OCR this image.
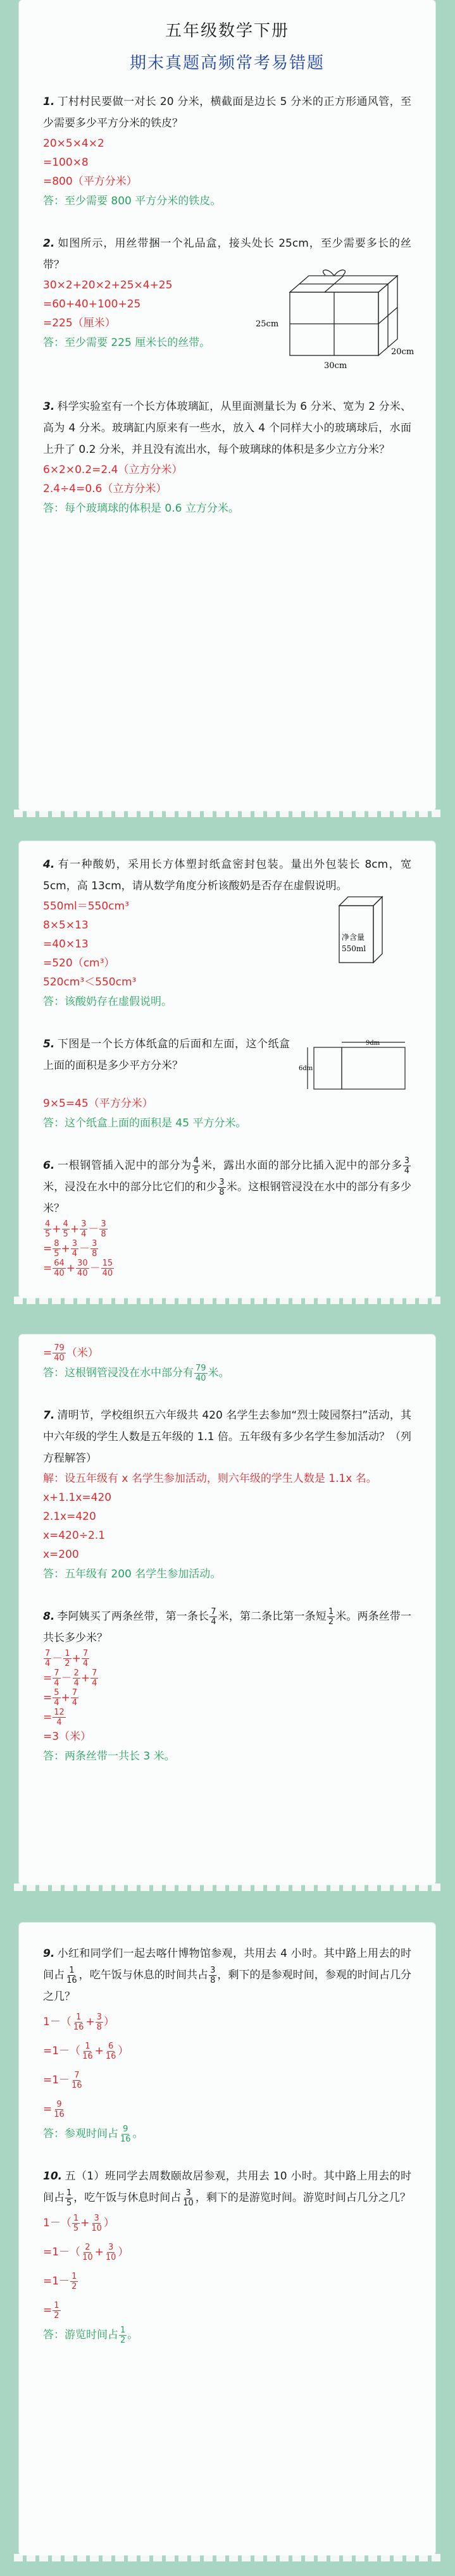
五年级数学下册
期末真题高频常考易错题
1. 丁村村民要做一对长 20 分米，横截面是边长 5 分米的正方形通风管，至少需要多少平方分米的铁皮？
20×5×4×2
=100×8
=800（平方分米）
答：至少需要 800 平方分米的铁皮。
2. 如图所示，用丝带捆一个礼品盒，接头处长 25cm，至少需要多长的丝带？
30×2+20×2+25×4+25
=60+40+100+25
=225（厘米）
答：至少需要 225 厘米长的丝带。
25cm
20cm
30cm
3. 科学实验室有一个长方体玻璃缸，从里面测量长为 6 分米、宽为 2 分米、高为 4 分米。玻璃缸内原来有一些水，放入 4 个同样大小的玻璃球后，水面上升了 0.2 分米，并且没有流出水，每个玻璃球的体积是多少立方分米？
6×2×0.2=2.4（立方分米）
2.4÷4=0.6（立方分米）
答：每个玻璃球的体积是 0.6 立方分米。
4. 有一种酸奶，采用长方体塑封纸盒密封包装。量出外包装长 8cm，宽 5cm，高 13cm，请从数学角度分析该酸奶是否存在虚假说明。
550ml＝550cm³
8×5×13
=40×13
=520（cm³）
520cm³＜550cm³
答：该酸奶存在虚假说明。
净含量
550ml
5. 下图是一个长方体纸盒的后面和左面，这个纸盒上面的面积是多少平方分米？
9dm
6dm
9×5=45（平方分米）
答：这个纸盒上面的面积是 45 平方分米。
6. 一根钢管插入泥中的部分为 $\frac{4}{5}$ 米，露出水面的部分比插入泥中的部分多 $\frac{3}{4}$
米，浸没在水中的部分比它们的和少 $\frac{3}{8}$ 米。这根钢管浸没在水中的部分有多少米？
$\frac{4}{5} + \frac{4}{5} + \frac{3}{4} - \frac{3}{8}$
= $\frac{8}{5} + \frac{3}{4} - \frac{3}{8}$
= $\frac{64}{40} + \frac{30}{40} - \frac{15}{40}$
= $\frac{79}{40}$ （米）
答：这根钢管浸没在水中部分有 $\frac{79}{40}$ 米。
7. 清明节，学校组织五六年级共 420 名学生去参加“烈士陵园祭扫”活动，其中六年级的学生人数是五年级的 1.1 倍。五年级有多少名学生参加活动？（列方程解答）
解：设五年级有 x 名学生参加活动，则六年级的学生人数是 1.1x 名。
x+1.1x=420
2.1x=420
x=420÷2.1
x=200
答：五年级有 200 名学生参加活动。
8. 李阿姨买了两条丝带，第一条长 $\frac{7}{4}$ 米，第二条比第一条短 $\frac{1}{2}$ 米。两条丝带一共长多少米？
$\frac{7}{4} - \frac{1}{2} + \frac{7}{4}$
= $\frac{7}{4} - \frac{2}{4} + \frac{7}{4}$
= $\frac{5}{4} + \frac{7}{4}$
= $\frac{12}{4}$
=3（米）
答：两条丝带一共长 3 米。
9. 小红和同学们一起去喀什博物馆参观，共用去 4 小时。其中路上用去的时间占 $\frac{1}{16}$ ，吃午饭与休息的时间共占 $\frac{3}{8}$ ，剩下的是参观时间，参观的时间占几分之几？
$1-( \frac{1}{16} + \frac{3}{8}$ ）
$=1-( \frac{1}{16} + \frac{6}{16}$ ）
$=1- \frac{7}{16}$
= $\frac{9}{16}$
答：参观时间占 $\frac{9}{16}$ 。
10. 五（1）班同学去周数颐故居参观，共用去 10 小时。其中路上用去的时间占 $\frac{1}{5}$ ，吃午饭与休息时间占 $\frac{3}{10}$ ，剩下的是游览时间。游览时间占几分之几？
$1-( \frac{1}{5} + \frac{3}{10}$ ）
$=1-( \frac{2}{10} + \frac{3}{10}$ ）
$=1- \frac{1}{2}$
= $\frac{1}{2}$
答：游览时间占 $\frac{1}{2}$ 。
